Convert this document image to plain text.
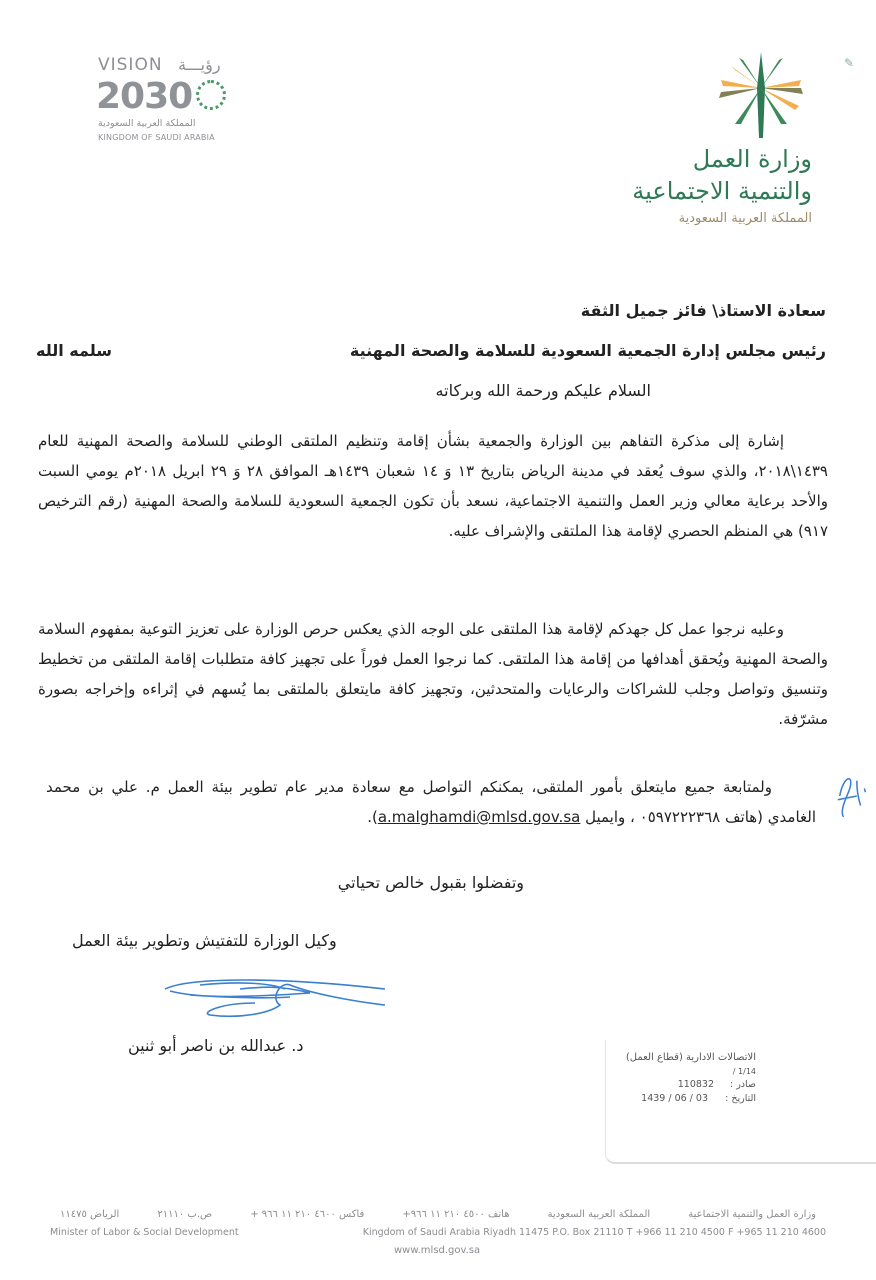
VISION رؤيـــة
2030
المملكة العربية السعودية
KINGDOM OF SAUDI ARABIA
وزارة العمل
والتنمية الاجتماعية
المملكة العربية السعودية
✎
سعادة الاستاذ\ فائز جميل الثقة
رئيس مجلس إدارة الجمعية السعودية للسلامة والصحة المهنية
سلمه الله
السلام عليكم ورحمة الله وبركاته
إشارة إلى مذكرة التفاهم بين الوزارة والجمعية بشأن إقامة وتنظيم الملتقى الوطني للسلامة والصحة المهنية للعام ١٤٣٩\٢٠١٨، والذي سوف يُعقد في مدينة الرياض بتاريخ ١٣ وَ ١٤ شعبان ١٤٣٩هـ الموافق ٢٨ وَ ٢٩ ابريل ٢٠١٨م يومي السبت والأحد برعاية معالي وزير العمل والتنمية الاجتماعية، نسعد بأن تكون الجمعية السعودية للسلامة والصحة المهنية (رقم الترخيص ٩١٧) هي المنظم الحصري لإقامة هذا الملتقى والإشراف عليه.
وعليه نرجوا عمل كل جهدكم لإقامة هذا الملتقى على الوجه الذي يعكس حرص الوزارة على تعزيز التوعية بمفهوم السلامة والصحة المهنية ويُحقق أهدافها من إقامة هذا الملتقى. كما نرجوا العمل فوراً على تجهيز كافة متطلبات إقامة الملتقى من تخطيط وتنسيق وتواصل وجلب للشراكات والرعايات والمتحدثين، وتجهيز كافة مايتعلق بالملتقى بما يُسهم في إثراءه وإخراجه بصورة مشرّفة.
ولمتابعة جميع مايتعلق بأمور الملتقى، يمكنكم التواصل مع سعادة مدير عام تطوير بيئة العمل م. علي بن محمد الغامدي (هاتف ٠٥٩٧٢٢٢٣٦٨ ، وايميل a.malghamdi@mlsd.gov.sa).
وتفضلوا بقبول خالص تحياتي
وكيل الوزارة للتفتيش وتطوير بيئة العمل
د. عبدالله بن ناصر أبو ثنين
الاتصالات الادارية (قطاع العمل)
/ 1/14
110832 صادر :
1439 / 06 / 03 التاريخ :
الرياض ١١٤٧٥	ص.ب ٢١١١٠	فاكس ٤٦٠٠ ٢١٠ ١١ ٩٦٦ +	هاتف ٤٥٠٠ ٢١٠ ١١ ٩٦٦+	المملكة العربية السعودية	وزارة العمل والتنمية الاجتماعية
Minister of Labor & Social Development	Kingdom of Saudi Arabia Riyadh 11475 P.O. Box 21110 T +966 11 210 4500 F +965 11 210 4600
www.mlsd.gov.sa
